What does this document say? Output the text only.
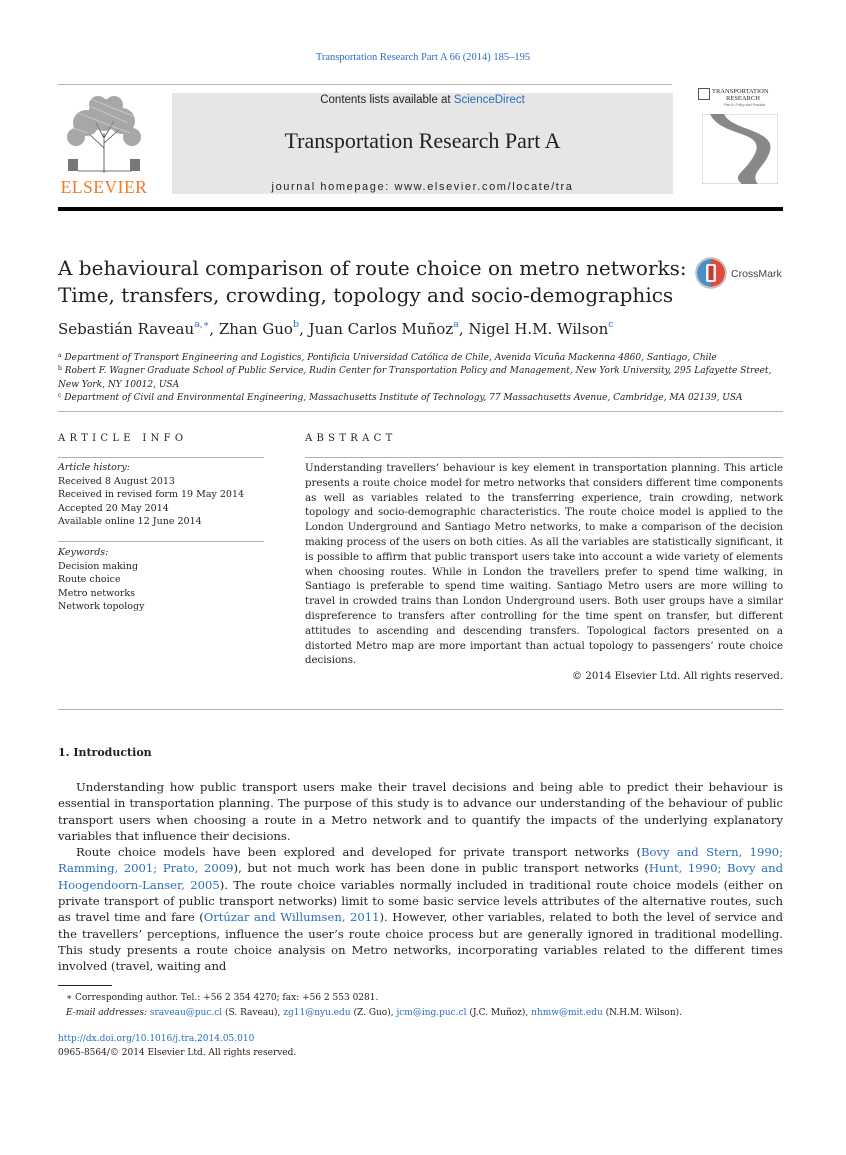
Transportation Research Part A 66 (2014) 185–195
ELSEVIER
Contents lists available at ScienceDirect
Transportation Research Part A
journal homepage: www.elsevier.com/locate/tra
TRANSPORTATION
RESEARCH
Part A: Policy and Practice
A behavioural comparison of route choice on metro networks:
Time, transfers, crowding, topology and socio-demographics
CrossMark
Sebastián Raveau$^{a,∗}$, Zhan Guo$^b$, Juan Carlos Muñoz$^a$, Nigel H.M. Wilson$^c$
$^a$ Department of Transport Engineering and Logistics, Pontificia Universidad Católica de Chile, Avenida Vicuña Mackenna 4860, Santiago, Chile
$^b$ Robert F. Wagner Graduate School of Public Service, Rudin Center for Transportation Policy and Management, New York University, 295 Lafayette Street,
New York, NY 10012, USA
$^c$ Department of Civil and Environmental Engineering, Massachusetts Institute of Technology, 77 Massachusetts Avenue, Cambridge, MA 02139, USA
ARTICLE INFO
Article history:
Received 8 August 2013
Received in revised form 19 May 2014
Accepted 20 May 2014
Available online 12 June 2014
Keywords:
Decision making
Route choice
Metro networks
Network topology
ABSTRACT
Understanding travellers’ behaviour is key element in transportation planning. This article presents a route choice model for metro networks that considers different time components as well as variables related to the transferring experience, train crowding, network topology and socio-demographic characteristics. The route choice model is applied to the London Underground and Santiago Metro networks, to make a comparison of the decision making process of the users on both cities. As all the variables are statistically significant, it is possible to affirm that public transport users take into account a wide variety of elements when choosing routes. While in London the travellers prefer to spend time walking, in Santiago is preferable to spend time waiting. Santiago Metro users are more willing to travel in crowded trains than London Underground users. Both user groups have a similar dispreference to transfers after controlling for the time spent on transfer, but different attitudes to ascending and descending transfers. Topological factors presented on a distorted Metro map are more important than actual topology to passengers’ route choice decisions.
© 2014 Elsevier Ltd. All rights reserved.
1. Introduction

Understanding how public transport users make their travel decisions and being able to predict their behaviour is essential in transportation planning. The purpose of this study is to advance our understanding of the behaviour of public transport users when choosing a route in a Metro network and to quantify the impacts of the underlying explanatory variables that influence their decisions.

Route choice models have been explored and developed for private transport networks (Bovy and Stern, 1990; Ramming, 2001; Prato, 2009), but not much work has been done in public transport networks (Hunt, 1990; Bovy and Hoogendoorn-Lanser, 2005). The route choice variables normally included in traditional route choice models (either on private transport of public transport networks) limit to some basic service levels attributes of the alternative routes, such as travel time and fare (Ortúzar and Willumsen, 2011). However, other variables, related to both the level of service and the travellers’ perceptions, influence the user’s route choice process but are generally ignored in traditional modelling. This study presents a route choice analysis on Metro networks, incorporating variables related to the different times involved (travel, waiting and

∗ Corresponding author. Tel.: +56 2 354 4270; fax: +56 2 553 0281.
E-mail addresses: sraveau@puc.cl (S. Raveau), zg11@nyu.edu (Z. Guo), jcm@ing.puc.cl (J.C. Muñoz), nhmw@mit.edu (N.H.M. Wilson).
http://dx.doi.org/10.1016/j.tra.2014.05.010
0965-8564/© 2014 Elsevier Ltd. All rights reserved.
